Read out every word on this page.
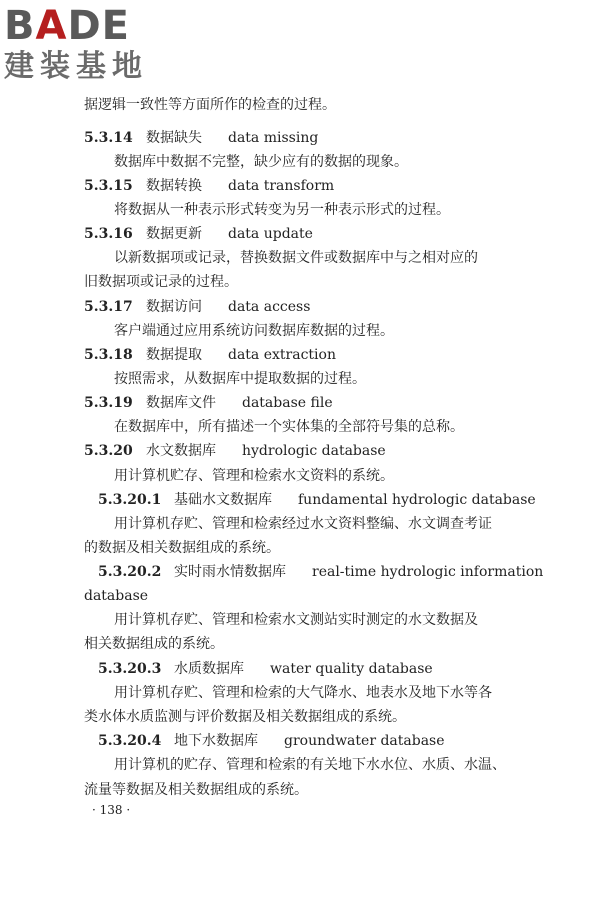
B A DE
建装基地
据逻辑一致性等方面所作的检查的过程。
5.3.14 数据缺失 data missing
数据库中数据不完整，缺少应有的数据的现象。
5.3.15 数据转换 data transform
将数据从一种表示形式转变为另一种表示形式的过程。
5.3.16 数据更新 data update
以新数据项或记录，替换数据文件或数据库中与之相对应的
旧数据项或记录的过程。
5.3.17 数据访问 data access
客户端通过应用系统访问数据库数据的过程。
5.3.18 数据提取 data extraction
按照需求，从数据库中提取数据的过程。
5.3.19 数据库文件 database file
在数据库中，所有描述一个实体集的全部符号集的总称。
5.3.20 水文数据库 hydrologic database
用计算机贮存、管理和检索水文资料的系统。
5.3.20.1 基础水文数据库 fundamental hydrologic database
用计算机存贮、管理和检索经过水文资料整编、水文调查考证
的数据及相关数据组成的系统。
5.3.20.2 实时雨水情数据库 real-time hydrologic information
database
用计算机存贮、管理和检索水文测站实时测定的水文数据及
相关数据组成的系统。
5.3.20.3 水质数据库 water quality database
用计算机存贮、管理和检索的大气降水、地表水及地下水等各
类水体水质监测与评价数据及相关数据组成的系统。
5.3.20.4 地下水数据库 groundwater database
用计算机的贮存、管理和检索的有关地下水水位、水质、水温、
流量等数据及相关数据组成的系统。
· 138 ·
